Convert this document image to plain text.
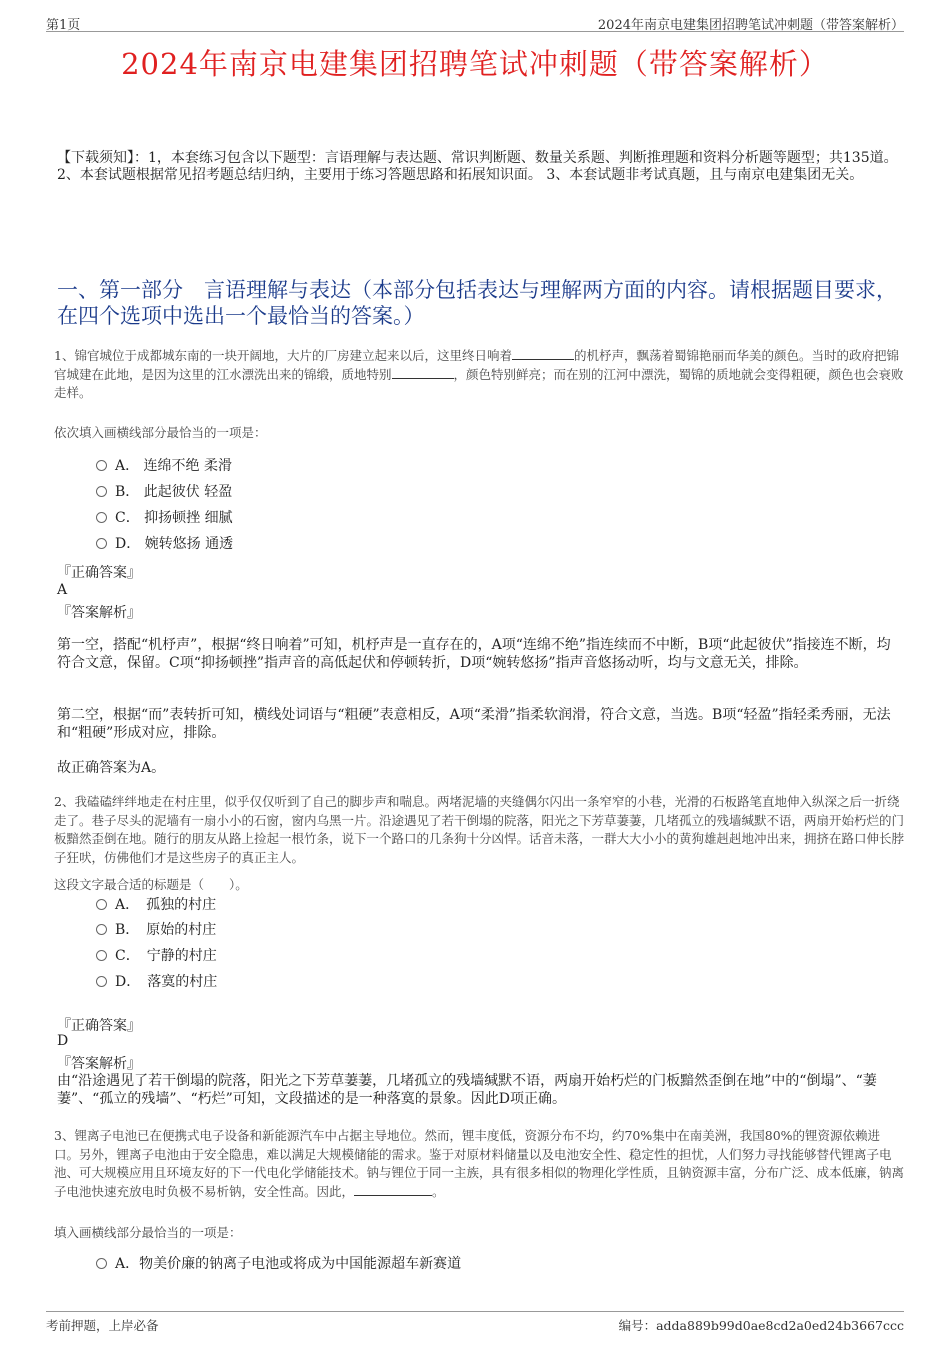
第1页	2024年南京电建集团招聘笔试冲刺题（带答案解析）
2024年南京电建集团招聘笔试冲刺题（带答案解析）
【下载须知】：1，本套练习包含以下题型：言语理解与表达题、常识判断题、数量关系题、判断推理题和资料分析题等题型；共135道。 2、本套试题根据常见招考题总结归纳，主要用于练习答题思路和拓展知识面。 3、本套试题非考试真题，且与南京电建集团无关。
一、第一部分　言语理解与表达（本部分包括表达与理解两方面的内容。请根据题目要求，在四个选项中选出一个最恰当的答案。）
1、锦官城位于成都城东南的一块开阔地，大片的厂房建立起来以后，这里终日响着	的机杼声，飘荡着蜀锦艳丽而华美的颜色。当时的政府把锦官城建在此地，是因为这里的江水漂洗出来的锦缎，质地特别	，颜色特别鲜亮；而在别的江河中漂洗，蜀锦的质地就会变得粗硬，颜色也会衰败走样。
依次填入画横线部分最恰当的一项是：
A． 连绵不绝 柔滑
B． 此起彼伏 轻盈
C． 抑扬顿挫 细腻
D． 婉转悠扬 通透
『正确答案』
A
『答案解析』
第一空，搭配“机杼声”，根据“终日响着”可知，机杼声是一直存在的，A项“连绵不绝”指连续而不中断，B项“此起彼伏”指接连不断，均符合文意，保留。C项“抑扬顿挫”指声音的高低起伏和停顿转折，D项“婉转悠扬”指声音悠扬动听，均与文意无关，排除。
第二空，根据“而”表转折可知，横线处词语与“粗硬”表意相反，A项“柔滑”指柔软润滑，符合文意，当选。B项“轻盈”指轻柔秀丽，无法和“粗硬”形成对应，排除。
故正确答案为A。
2、我磕磕绊绊地走在村庄里，似乎仅仅听到了自己的脚步声和喘息。两堵泥墙的夹缝偶尔闪出一条窄窄的小巷，光滑的石板路笔直地伸入纵深之后一折绕走了。巷子尽头的泥墙有一扇小小的石窗，窗内乌黑一片。沿途遇见了若干倒塌的院落，阳光之下芳草萋萋，几堵孤立的残墙缄默不语，两扇开始朽烂的门板黯然歪倒在地。随行的朋友从路上捡起一根竹条，说下一个路口的几条狗十分凶悍。话音未落，一群大大小小的黄狗雄赳赳地冲出来，拥挤在路口伸长脖子狂吠，仿佛他们才是这些房子的真正主人。
这段文字最合适的标题是（　　）。
A．　孤独的村庄
B．　原始的村庄
C．　宁静的村庄
D．　落寞的村庄
『正确答案』
D
『答案解析』
由“沿途遇见了若干倒塌的院落，阳光之下芳草萋萋，几堵孤立的残墙缄默不语，两扇开始朽烂的门板黯然歪倒在地”中的“倒塌”、“萋萋”、“孤立的残墙”、“朽烂”可知，文段描述的是一种落寞的景象。因此D项正确。
3、锂离子电池已在便携式电子设备和新能源汽车中占据主导地位。然而，锂丰度低，资源分布不均，约70%集中在南美洲，我国80%的锂资源依赖进口。另外，锂离子电池由于安全隐患，难以满足大规模储能的需求。鉴于对原材料储量以及电池安全性、稳定性的担忧，人们努力寻找能够替代锂离子电池、可大规模应用且环境友好的下一代电化学储能技术。钠与锂位于同一主族，具有很多相似的物理化学性质，且钠资源丰富，分布广泛、成本低廉，钠离子电池快速充放电时负极不易析钠，安全性高。因此，	。
填入画横线部分最恰当的一项是：
A．物美价廉的钠离子电池或将成为中国能源超车新赛道
考前押题，上岸必备	编号：adda889b99d0ae8cd2a0ed24b3667ccc
